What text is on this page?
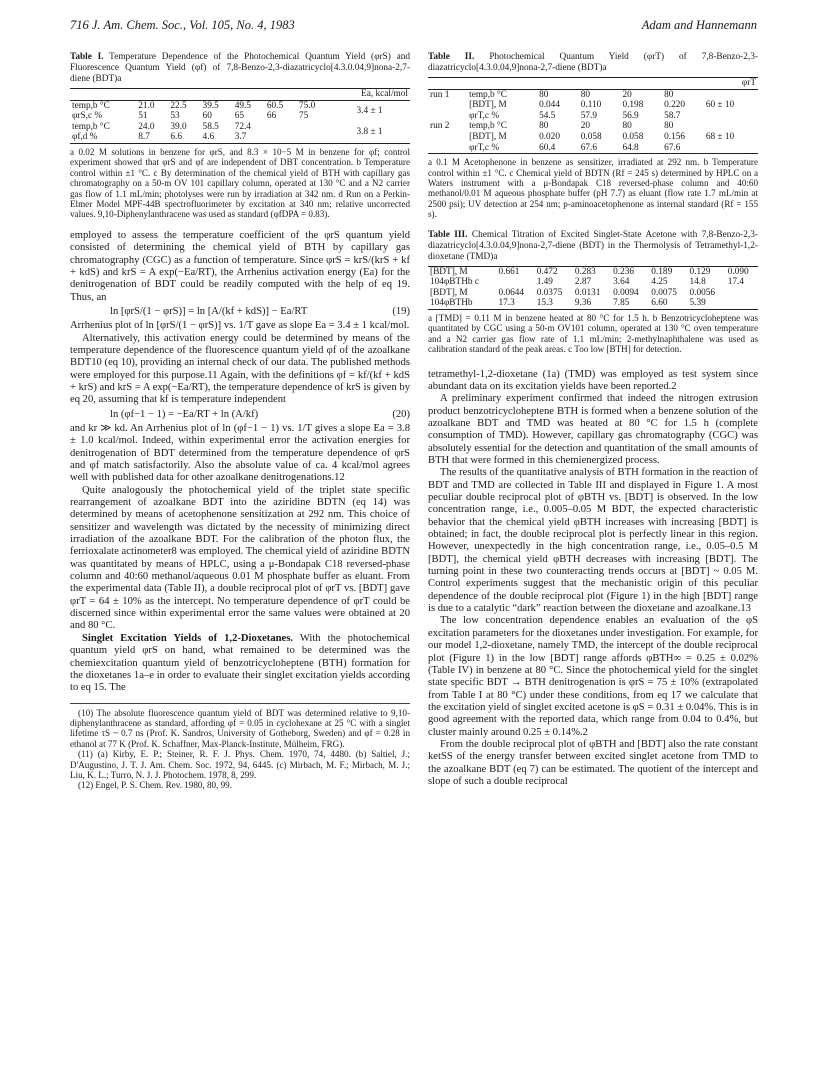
716 J. Am. Chem. Soc., Vol. 105, No. 4, 1983	Adam and Hannemann
Table I. Temperature Dependence of the Photochemical Quantum Yield (φrS) and Fluorescence Quantum Yield (φf) of 7,8-Benzo-2,3-diazatricyclo[4.3.0.04,9]nona-2,7-diene (BDT)a
							Ea, kcal/mol
temp,b °C	21.0	22.5	39.5	49.5	60.5	75.0	3.4 ± 1
φrS,c %	51	53	60	65	66	75	
temp,b °C	24.0	39.0	58.5	72.4			3.8 ± 1
φf,d %	8.7	6.6	4.6	3.7			
a 0.02 M solutions in benzene for φrS, and 8.3 × 10−5 M in benzene for φf; control experiment showed that φrS and φf are independent of DBT concentration. b Temperature control within ±1 °C. c By determination of the chemical yield of BTH with capillary gas chromatography on a 50-m OV 101 capillary column, operated at 130 °C and a N2 carrier gas flow of 1.1 mL/min; photolyses were run by irradiation at 342 nm. d Run on a Perkin-Elmer Model MPF-44B spectrofluorimeter by excitation at 340 nm; relative uncorrected values. 9,10-Diphenylanthracene was used as standard (φfDPA = 0.83).

employed to assess the temperature coefficient of the φrS quantum yield consisted of determining the chemical yield of BTH by capillary gas chromatography (CGC) as a function of temperature. Since φrS = krS/(krS + kf + kdS) and krS = A exp(−Ea/RT), the Arrhenius activation energy (Ea) for the denitrogenation of BDT could be readily computed with the help of eq 19. Thus, an

ln [φrS/(1 − φrS)] = ln [A/(kf + kdS)] − Ea/RT	(19)

Arrhenius plot of ln [φrS/(1 − φrS)] vs. 1/T gave as slope Ea = 3.4 ± 1 kcal/mol.

Alternatively, this activation energy could be determined by means of the temperature dependence of the fluorescence quantum yield φf of the azoalkane BDT10 (eq 10), providing an internal check of our data. The published methods were employed for this purpose.11 Again, with the definitions φf = kf/(kf + kdS + krS) and krS = A exp(−Ea/RT), the temperature dependence of krS is given by eq 20, assuming that kf is temperature independent

ln (φf−1 − 1) = −Ea/RT + ln (A/kf)	(20)

and kr ≫ kd. An Arrhenius plot of ln (φf−1 − 1) vs. 1/T gives a slope Ea = 3.8 ± 1.0 kcal/mol. Indeed, within experimental error the activation energies for denitrogenation of BDT determined from the temperature dependence of φrS and φf match satisfactorily. Also the absolute value of ca. 4 kcal/mol agrees well with published data for other azoalkane denitrogenations.12

Quite analogously the photochemical yield of the triplet state specific rearrangement of azoalkane BDT into the aziridine BDTN (eq 14) was determined by means of acetophenone sensitization at 292 nm. This choice of sensitizer and wavelength was dictated by the necessity of minimizing direct irradiation of the azoalkane BDT. For the calibration of the photon flux, the ferrioxalate actinometer8 was employed. The chemical yield of aziridine BDTN was quantitated by means of HPLC, using a μ-Bondapak C18 reversed-phase column and 40:60 methanol/aqueous 0.01 M phosphate buffer as eluant. From the experimental data (Table II), a double reciprocal plot of φrT vs. [BDT] gave φrT = 64 ± 10% as the intercept. No temperature dependence of φrT could be discerned since within experimental error the same values were obtained at 20 and 80 °C.

Singlet Excitation Yields of 1,2-Dioxetanes. With the photochemical quantum yield φrS on hand, what remained to be determined was the chemiexcitation quantum yield of benzotricycloheptene (BTH) formation for the dioxetanes 1a–e in order to evaluate their singlet excitation yields according to eq 15. The

(10) The absolute fluorescence quantum yield of BDT was determined relative to 9,10-diphenylanthracene as standard, affording φf = 0.05 in cyclohexane at 25 °C with a singlet lifetime τS ~ 0.7 ns (Prof. K. Sandros, University of Gotheborg, Sweden) and φf = 0.28 in ethanol at 77 K (Prof. K. Schaffner, Max-Planck-Institute, Mülheim, FRG).
(11) (a) Kirby, E. P.; Steiner, R. F. J. Phys. Chem. 1970, 74, 4480. (b) Saltiel, J.; D'Augustino, J. T. J. Am. Chem. Soc. 1972, 94, 6445. (c) Mirbach, M. F.; Mirbach, M. J.; Liu, K. L.; Turro, N. J. J. Photochem. 1978, 8, 299.
(12) Engel, P. S. Chem. Rev. 1980, 80, 99.
Table II. Photochemical Quantum Yield (φrT) of 7,8-Benzo-2,3-diazatricyclo[4.3.0.04,9]nona-2,7-diene (BDT)a
						φrT
run 1	temp,b °C	80	80	20	80	
	[BDT], M	0.044	0.110	0.198	0.220	60 ± 10
	φrT,c %	54.5	57.9	56.9	58.7	
run 2	temp,b °C	80	20	80	80	
	[BDT], M	0.020	0.058	0.058	0.156	68 ± 10
	φrT,c %	60.4	67.6	64.8	67.6	
a 0.1 M Acetophenone in benzene as sensitizer, irradiated at 292 nm. b Temperature control within ±1 °C. c Chemical yield of BDTN (Rf = 245 s) determined by HPLC on a Waters instrument with a μ-Bondapak C18 reversed-phase column and 40:60 methanol/0.01 M aqueous phosphate buffer (pH 7.7) as eluant (flow rate 1.7 mL/min at 2500 psi); UV detection at 254 nm; p-aminoacetophenone as internal standard (Rf = 155 s).
Table III. Chemical Titration of Excited Singlet-State Acetone with 7,8-Benzo-2,3-diazatricyclo[4.3.0.04,9]nona-2,7-diene (BDT) in the Thermolysis of Tetramethyl-1,2-dioxetane (TMD)a
[BDT], M	0.661	0.472	0.283	0.236	0.189	0.129	0.090
104φBTHb c		1.49	2.87	3.64	4.25	14.8	17.4
[BDT], M	0.0644	0.0375	0.0131	0.0094	0.0075	0.0056	
104φBTHb	17.3	15.3	9.36	7.85	6.60	5.39	
a [TMD] = 0.11 M in benzene heated at 80 °C for 1.5 h. b Benzotricycloheptene was quantitated by CGC using a 50-m OV101 column, operated at 130 °C oven temperature and a N2 carrier gas flow rate of 1.1 mL/min; 2-methylnaphthalene was used as calibration standard of the peak areas. c Too low [BTH] for detection.

tetramethyl-1,2-dioxetane (1a) (TMD) was employed as test system since abundant data on its excitation yields have been reported.2

A preliminary experiment confirmed that indeed the nitrogen extrusion product benzotricycloheptene BTH is formed when a benzene solution of the azoalkane BDT and TMD was heated at 80 °C for 1.5 h (complete consumption of TMD). However, capillary gas chromatography (CGC) was absolutely essential for the detection and quantitation of the small amounts of BTH that were formed in this chemienergized process.

The results of the quantitative analysis of BTH formation in the reaction of BDT and TMD are collected in Table III and displayed in Figure 1. A most peculiar double reciprocal plot of φBTH vs. [BDT] is observed. In the low concentration range, i.e., 0.005–0.05 M BDT, the expected characteristic behavior that the chemical yield φBTH increases with increasing [BDT] is obtained; in fact, the double reciprocal plot is perfectly linear in this region. However, unexpectedly in the high concentration range, i.e., 0.05–0.5 M [BDT], the chemical yield φBTH decreases with increasing [BDT]. The turning point in these two counteracting trends occurs at [BDT] ~ 0.05 M. Control experiments suggest that the mechanistic origin of this peculiar dependence of the double reciprocal plot (Figure 1) in the high [BDT] range is due to a catalytic “dark” reaction between the dioxetane and azoalkane.13

The low concentration dependence enables an evaluation of the φS excitation parameters for the dioxetanes under investigation. For example, for our model 1,2-dioxetane, namely TMD, the intercept of the double reciprocal plot (Figure 1) in the low [BDT] range affords φBTH∞ = 0.25 ± 0.02% (Table IV) in benzene at 80 °C. Since the photochemical yield for the singlet state specific BDT → BTH denitrogenation is φrS = 75 ± 10% (extrapolated from Table I at 80 °C) under these conditions, from eq 17 we calculate that the excitation yield of singlet excited acetone is φS = 0.31 ± 0.04%. This is in good agreement with the reported data, which range from 0.04 to 0.4%, but cluster mainly around 0.25 ± 0.14%.2

From the double reciprocal plot of φBTH and [BDT] also the rate constant ketSS of the energy transfer between excited singlet acetone from TMD to the azoalkane BDT (eq 7) can be estimated. The quotient of the intercept and slope of such a double reciprocal
